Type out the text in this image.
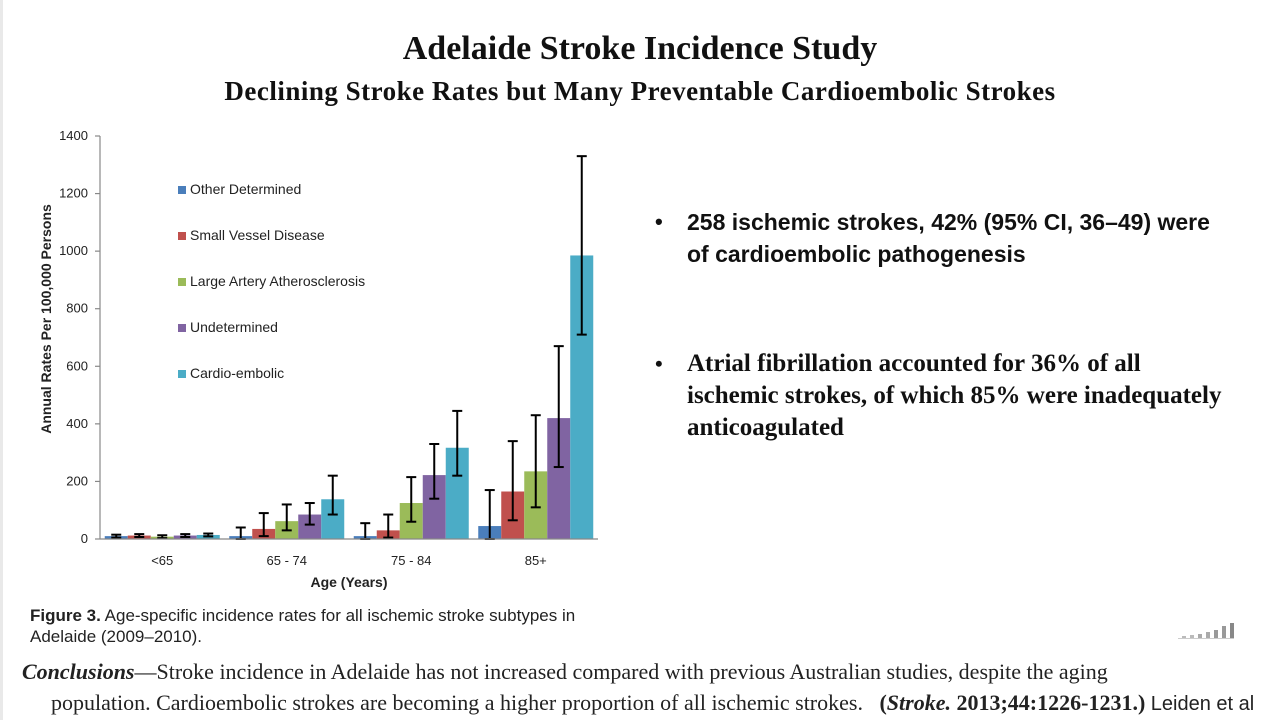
Adelaide Stroke Incidence Study
Declining Stroke Rates but Many Preventable Cardioembolic Strokes
0
200
400
600
800
1000
1200
1400
<65	65 - 74	75 - 84	85+
Other Determined
Small Vessel Disease
Large Artery Atherosclerosis
Undetermined
Cardio-embolic
Age (Years)
Annual Rates Per 100,000 Persons
Figure 3. Age-specific incidence rates for all ischemic stroke subtypes in Adelaide (2009–2010).
• 258 ischemic strokes, 42% (95% CI, 36–49) were of cardioembolic pathogenesis
• Atrial fibrillation accounted for 36% of all ischemic strokes, of which 85% were inadequately anticoagulated
Conclusions—Stroke incidence in Adelaide has not increased compared with previous Australian studies, despite the aging
population. Cardioembolic strokes are becoming a higher proportion of all ischemic strokes. (Stroke. 2013;44:1226-1231.) Leiden et al
